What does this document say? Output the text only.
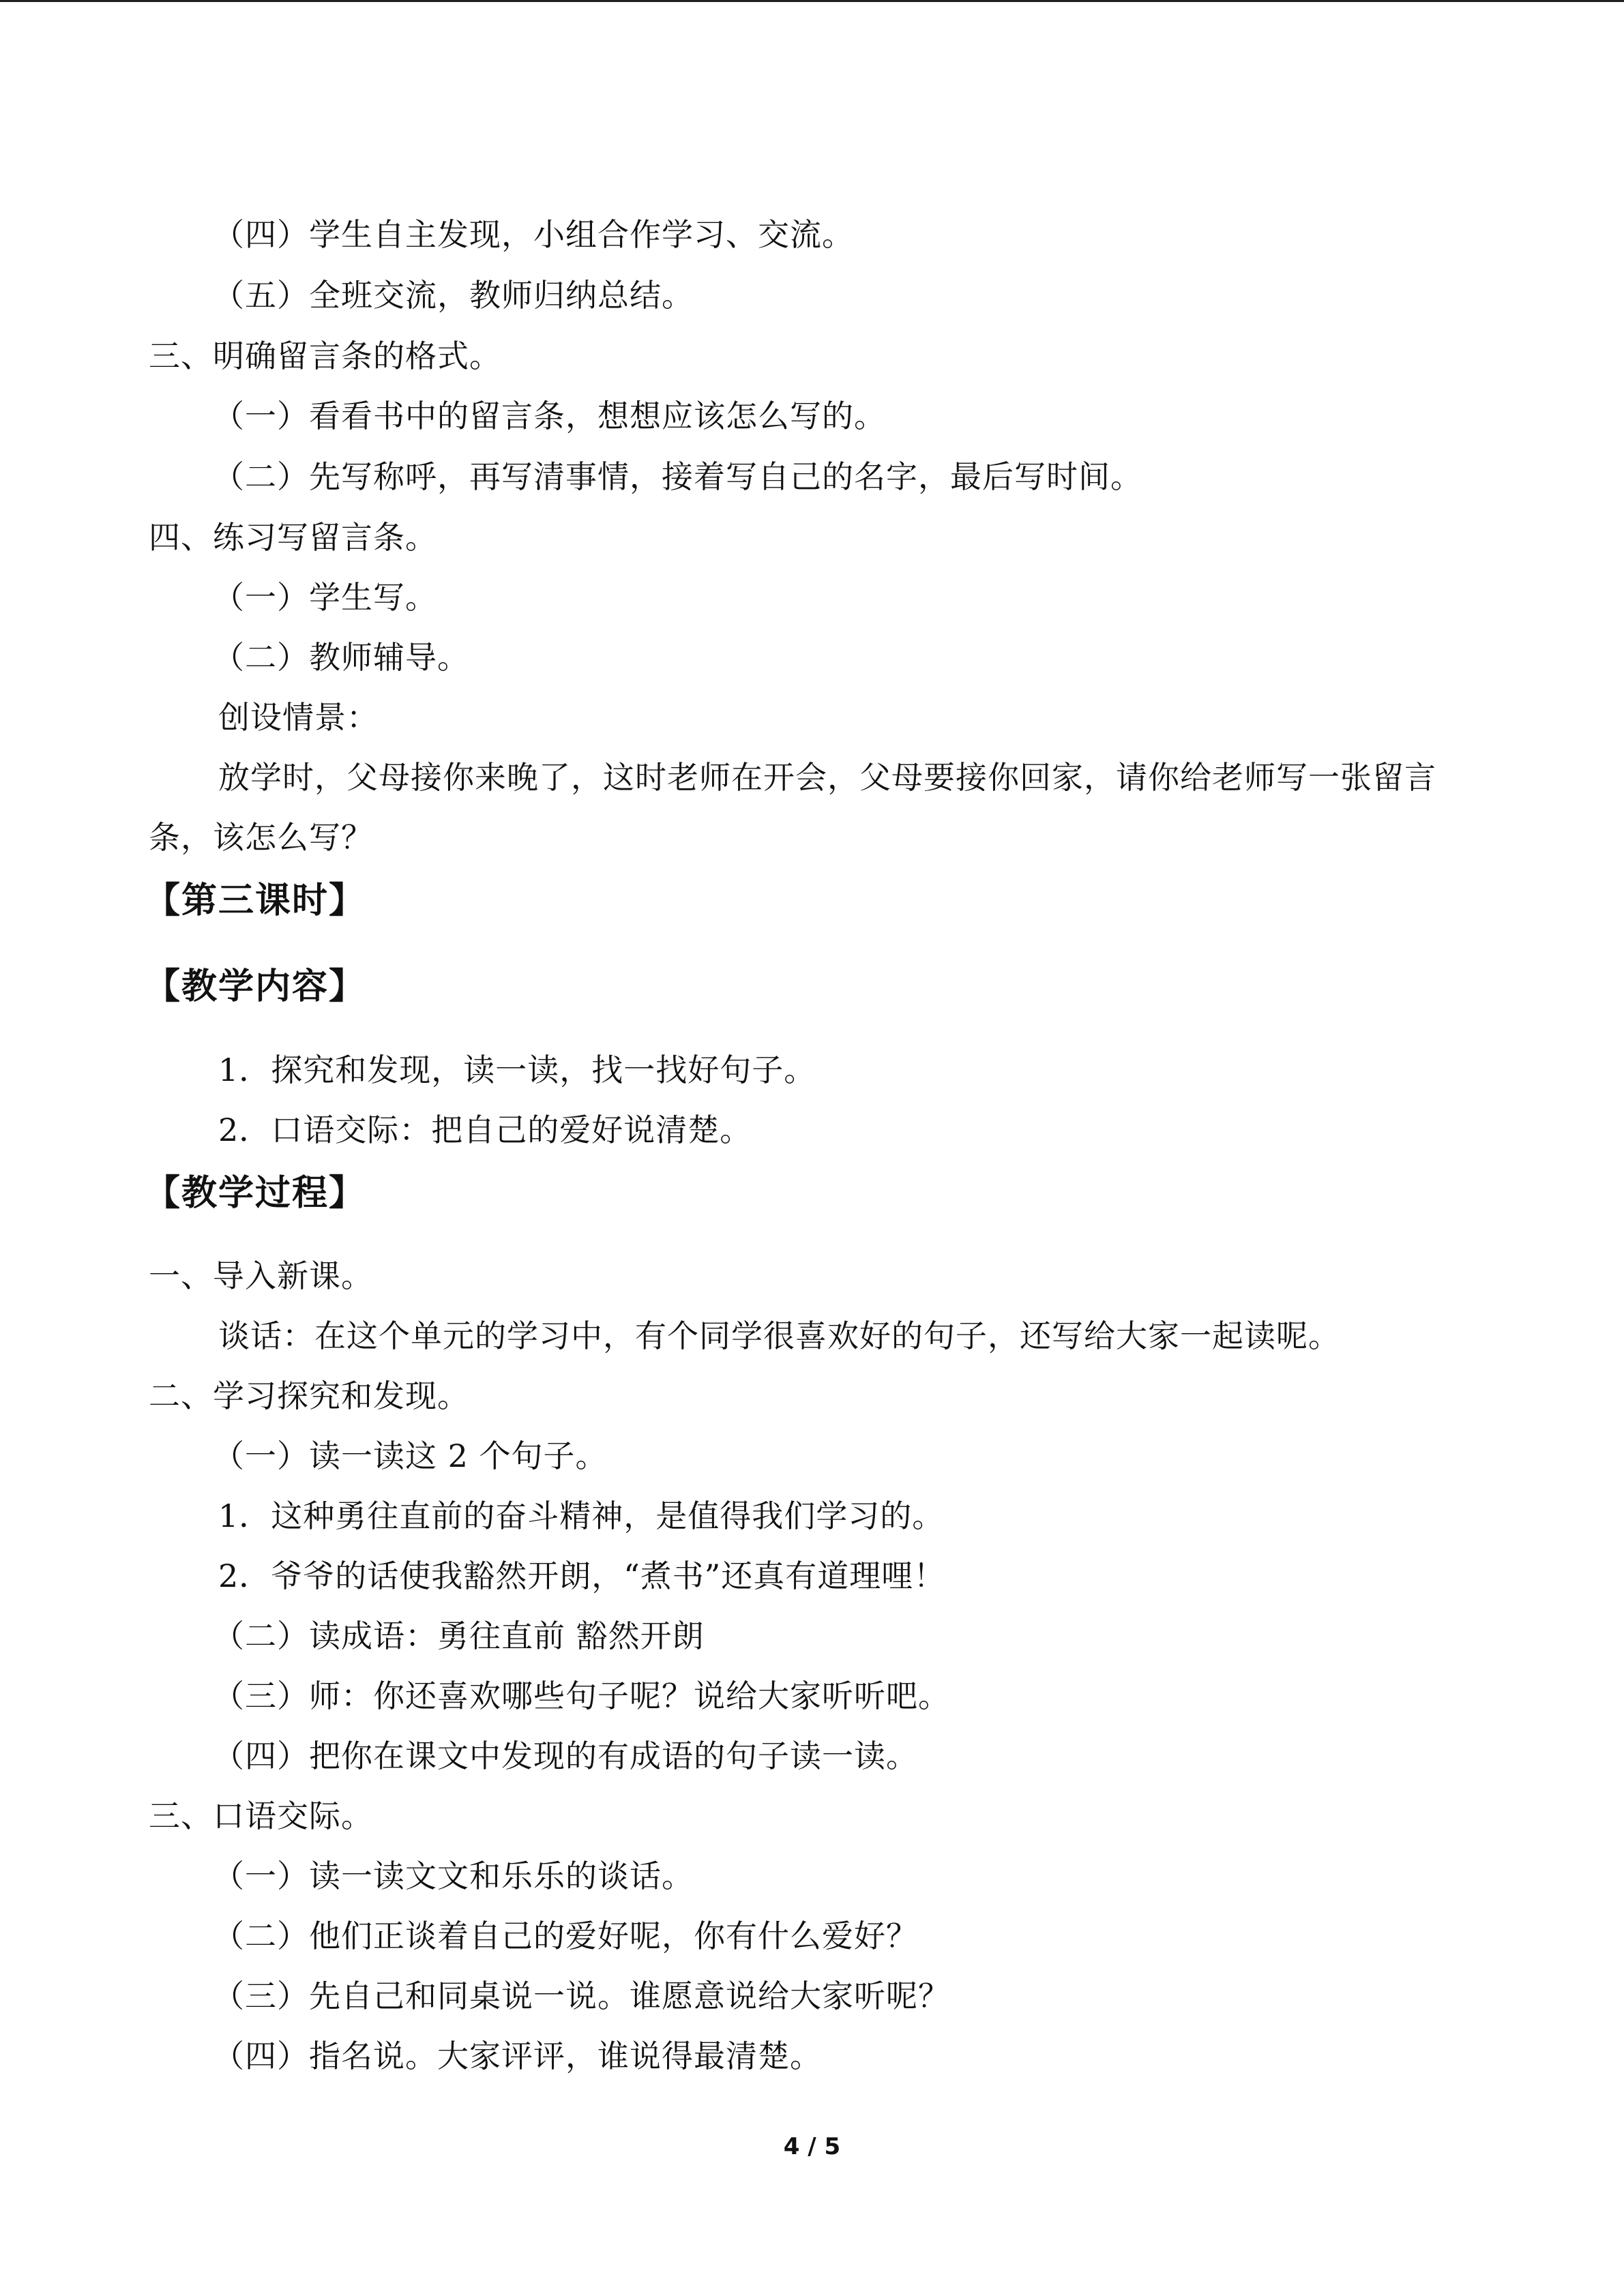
（四）学生自主发现，小组合作学习、交流。
（五）全班交流，教师归纳总结。
三、明确留言条的格式。
（一）看看书中的留言条，想想应该怎么写的。
（二）先写称呼，再写清事情，接着写自己的名字，最后写时间。
四、练习写留言条。
（一）学生写。
（二）教师辅导。
创设情景：
放学时，父母接你来晚了，这时老师在开会，父母要接你回家，请你给老师写一张留言
条，该怎么写？
【第三课时】
【教学内容】
1．探究和发现，读一读，找一找好句子。
2．口语交际：把自己的爱好说清楚。
【教学过程】
一、导入新课。
谈话：在这个单元的学习中，有个同学很喜欢好的句子，还写给大家一起读呢。
二、学习探究和发现。
（一）读一读这 2 个句子。
1．这种勇往直前的奋斗精神，是值得我们学习的。
2．爷爷的话使我豁然开朗，“煮书”还真有道理哩！
（二）读成语：勇往直前 豁然开朗
（三）师：你还喜欢哪些句子呢？说给大家听听吧。
（四）把你在课文中发现的有成语的句子读一读。
三、口语交际。
（一）读一读文文和乐乐的谈话。
（二）他们正谈着自己的爱好呢，你有什么爱好？
（三）先自己和同桌说一说。谁愿意说给大家听呢？
（四）指名说。大家评评，谁说得最清楚。
4 / 5
